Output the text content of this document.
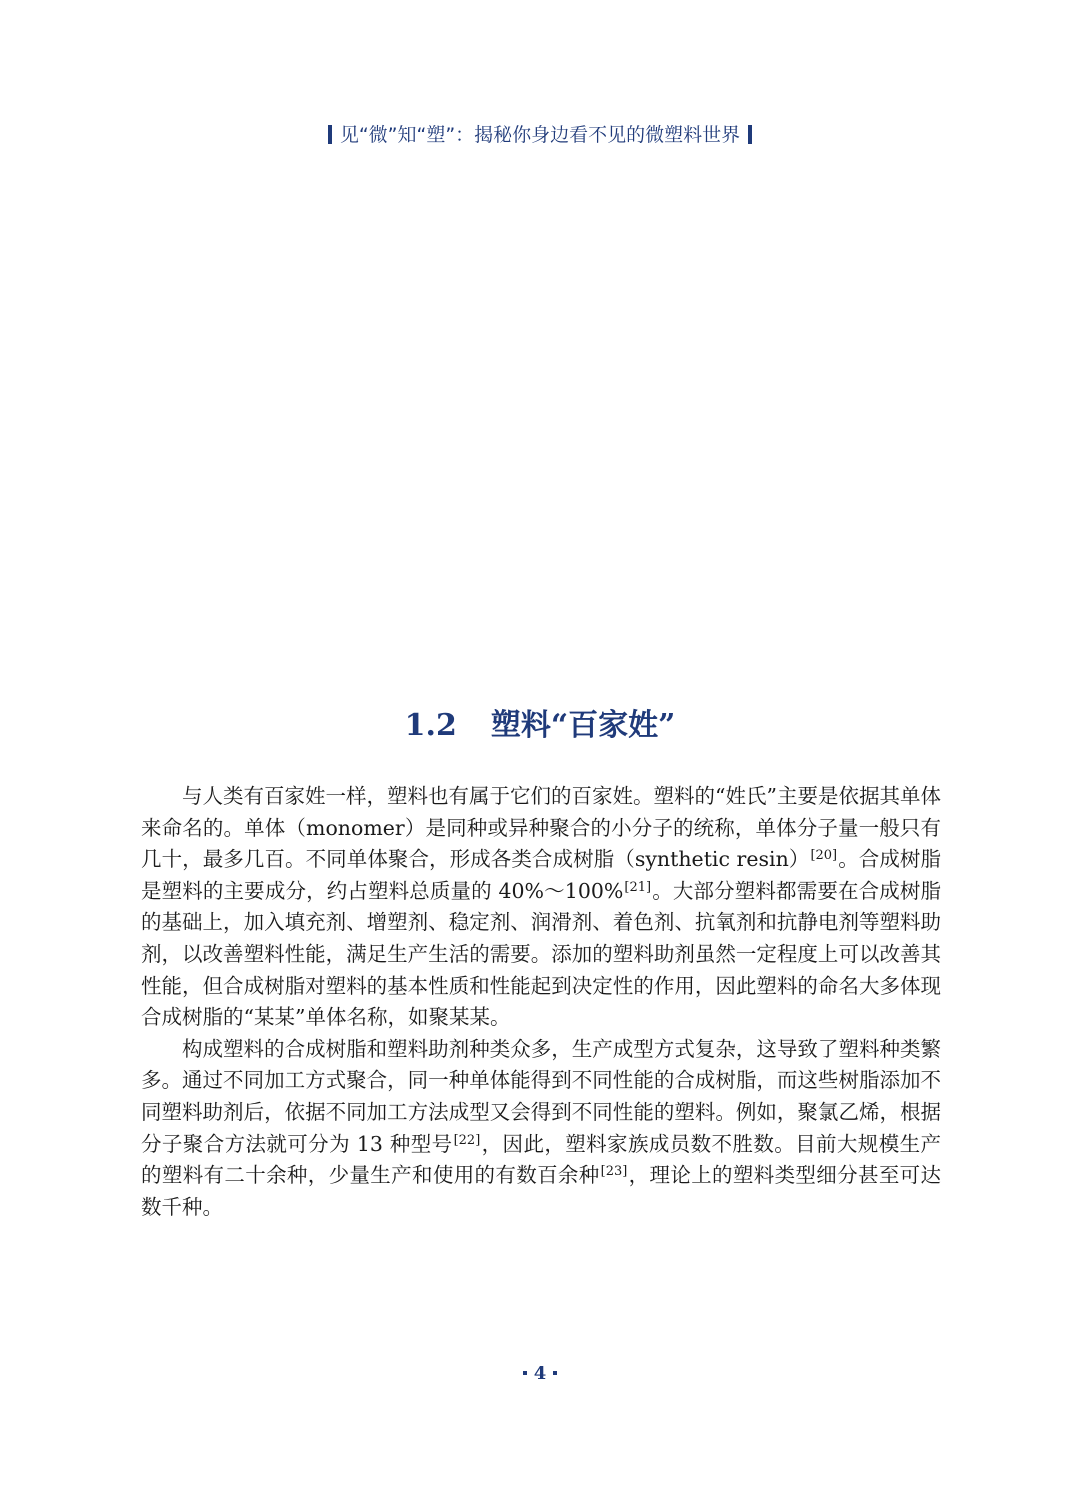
见“微”知“塑”：揭秘你身边看不见的微塑料世界
1.2 塑料“百家姓”

与人类有百家姓一样，塑料也有属于它们的百家姓。塑料的“姓氏”主要是依据其单体来命名的。单体（monomer）是同种或异种聚合的小分子的统称，单体分子量一般只有几十，最多几百。不同单体聚合，形成各类合成树脂（synthetic resin）[20]。合成树脂是塑料的主要成分，约占塑料总质量的 40%～100%[21]。大部分塑料都需要在合成树脂的基础上，加入填充剂、增塑剂、稳定剂、润滑剂、着色剂、抗氧剂和抗静电剂等塑料助剂，以改善塑料性能，满足生产生活的需要。添加的塑料助剂虽然一定程度上可以改善其性能，但合成树脂对塑料的基本性质和性能起到决定性的作用，因此塑料的命名大多体现合成树脂的“某某”单体名称，如聚某某。

构成塑料的合成树脂和塑料助剂种类众多，生产成型方式复杂，这导致了塑料种类繁多。通过不同加工方式聚合，同一种单体能得到不同性能的合成树脂，而这些树脂添加不同塑料助剂后，依据不同加工方法成型又会得到不同性能的塑料。例如，聚氯乙烯，根据分子聚合方法就可分为 13 种型号[22]，因此，塑料家族成员数不胜数。目前大规模生产的塑料有二十余种，少量生产和使用的有数百余种[23]，理论上的塑料类型细分甚至可达数千种。

4
